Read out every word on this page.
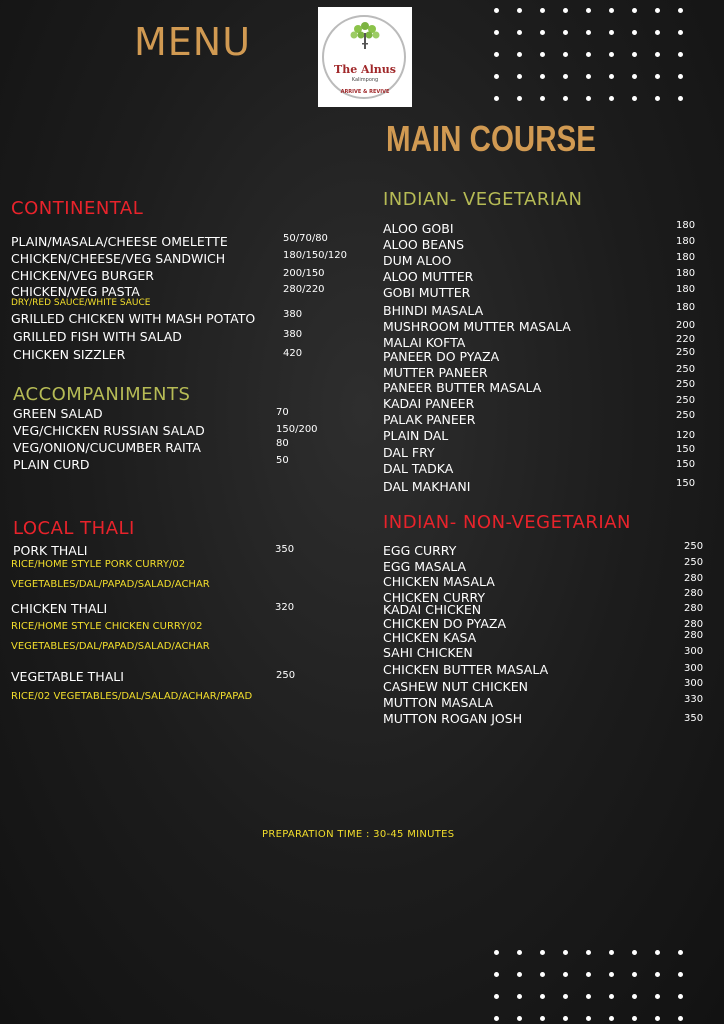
MENU
The Alnus
Kalimpong
ARRIVE & REVIVE
MAIN COURSE
CONTINENTAL
PLAIN/MASALA/CHEESE OMELETTE	50/70/80
CHICKEN/CHEESE/VEG SANDWICH	180/150/120
CHICKEN/VEG BURGER	200/150
CHICKEN/VEG PASTA	280/220
DRY/RED SAUCE/WHITE SAUCE
GRILLED CHICKEN WITH MASH POTATO	380
GRILLED FISH WITH SALAD	380
CHICKEN SIZZLER	420
ACCOMPANIMENTS
GREEN SALAD	70
VEG/CHICKEN RUSSIAN SALAD	150/200
VEG/ONION/CUCUMBER RAITA	80
PLAIN CURD	50
LOCAL THALI
PORK THALI	350
RICE/HOME STYLE PORK CURRY/02
VEGETABLES/DAL/PAPAD/SALAD/ACHAR
CHICKEN THALI	320
RICE/HOME STYLE CHICKEN CURRY/02
VEGETABLES/DAL/PAPAD/SALAD/ACHAR
VEGETABLE THALI	250
RICE/02 VEGETABLES/DAL/SALAD/ACHAR/PAPAD
INDIAN- VEGETARIAN
ALOO GOBI	180
ALOO BEANS	180
DUM ALOO	180
ALOO MUTTER	180
GOBI MUTTER	180
BHINDI MASALA	180
MUSHROOM MUTTER MASALA	200
MALAI KOFTA	220
PANEER DO PYAZA	250
MUTTER PANEER	250
PANEER BUTTER MASALA	250
KADAI PANEER	250
PALAK PANEER	250
PLAIN DAL	120
DAL FRY	150
DAL TADKA	150
DAL MAKHANI	150
INDIAN- NON-VEGETARIAN
EGG CURRY	250
EGG MASALA	250
CHICKEN MASALA	280
CHICKEN CURRY	280
KADAI CHICKEN	280
CHICKEN DO PYAZA	280
CHICKEN KASA	280
SAHI CHICKEN	300
CHICKEN BUTTER MASALA	300
CASHEW NUT CHICKEN	300
MUTTON MASALA	330
MUTTON ROGAN JOSH	350
PREPARATION TIME : 30-45 MINUTES
